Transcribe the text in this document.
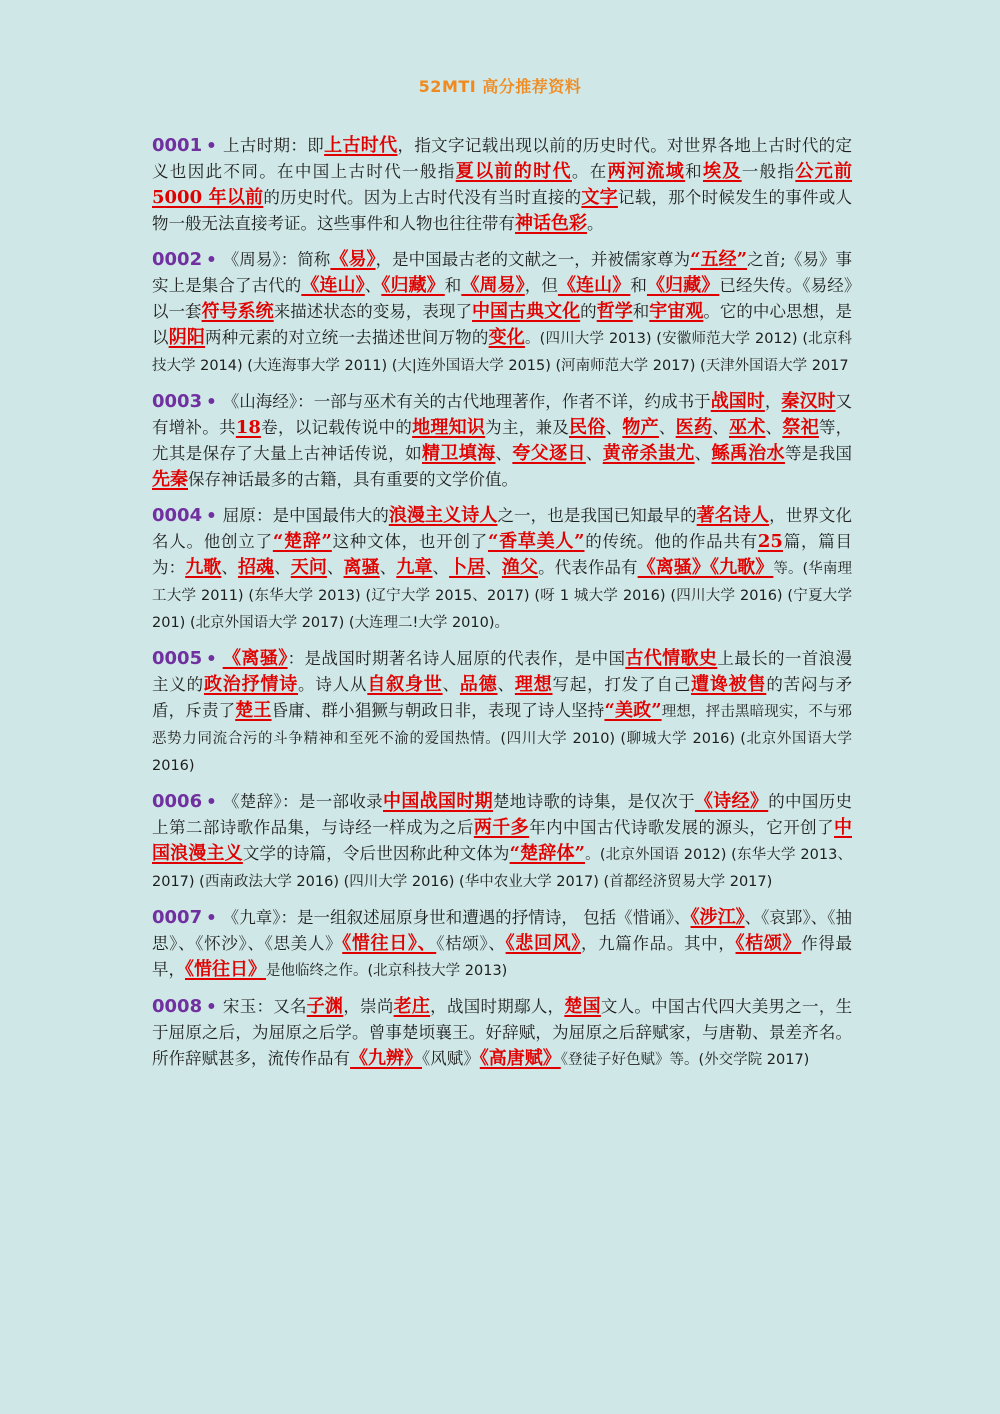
52MTI 高分推荐资料
0001 • 上古时期：即上古时代，指文字记载出现以前的历史时代。对世界各地上古时代的定义也因此不同。在中国上古时代一般指夏以前的时代。在两河流域和埃及一般指公元前 5000 年以前的历史时代。因为上古时代没有当时直接的文字记载，那个时候发生的事件或人物一般无法直接考证。这些事件和人物也往往带有神话色彩。
0002 • 《周易》：简称《易》，是中国最古老的文献之一，并被儒家尊为“五经”之首;《易》事实上是集合了古代的《连山》、《归藏》和《周易》，但《连山》和《归藏》已经失传。《易经》以一套符号系统来描述状态的变易，表现了中国古典文化的哲学和宇宙观。它的中心思想，是以阴阳两种元素的对立统一去描述世间万物的变化。(四川大学 2013) (安徽师范大学 2012) (北京科技大学 2014) (大连海事大学 2011) (大|连外国语大学 2015) (河南师范大学 2017) (天津外国语大学 2017
0003 • 《山海经》：一部与巫术有关的古代地理著作，作者不详，约成书于战国时，秦汉时又有增补。共18卷，以记载传说中的地理知识为主，兼及民俗、物产、医药、巫术、祭祀等，尤其是保存了大量上古神话传说，如精卫填海、夸父逐日、黄帝杀蚩尤、鲧禹治水等是我国先秦保存神话最多的古籍，具有重要的文学价值。
0004 • 屈原：是中国最伟大的浪漫主义诗人之一，也是我国已知最早的著名诗人，世界文化名人。他创立了“楚辞”这种文体，也开创了“香草美人”的传统。他的作品共有25篇，篇目为：九歌、招魂、天问、离骚、九章、卜居、渔父。代表作品有《离骚》《九歌》等。(华南理工大学 2011) (东华大学 2013) (辽宁大学 2015、2017) (呀 1 城大学 2016) (四川大学 2016) (宁夏大学 201) (北京外国语大学 2017) (大连理二!大学 2010)。
0005 • 《离骚》：是战国时期著名诗人屈原的代表作，是中国古代情歌史上最长的一首浪漫主义的政治抒情诗。诗人从自叙身世、品德、理想写起，打发了自己遭谗被售的苦闷与矛盾，斥责了楚王昏庸、群小猖獗与朝政日非，表现了诗人坚持“美政”理想，抨击黑暗现实，不与邪恶势力同流合污的斗争精神和至死不渝的爱国热情。(四川大学 2010) (聊城大学 2016) (北京外国语大学 2016)
0006 • 《楚辞》：是一部收录中国战国时期楚地诗歌的诗集，是仅次于《诗经》的中国历史上第二部诗歌作品集，与诗经一样成为之后两千多年内中国古代诗歌发展的源头，它开创了中国浪漫主义文学的诗篇，令后世因称此种文体为“楚辞体”。(北京外国语 2012) (东华大学 2013、2017) (西南政法大学 2016) (四川大学 2016) (华中农业大学 2017) (首都经济贸易大学 2017)
0007 • 《九章》：是一组叙述屈原身世和遭遇的抒情诗， 包括《惜诵》、《涉江》、《哀郢》、《抽思》、《怀沙》、《思美人》《惜往日》、《桔颂》、《悲回风》，九篇作品。其中，《桔颂》作得最早，《惜往日》是他临终之作。(北京科技大学 2013)
0008 • 宋玉：又名子渊，崇尚老庄，战国时期鄢人，楚国文人。中国古代四大美男之一，生于屈原之后，为屈原之后学。曾事楚顷襄王。好辞赋，为屈原之后辞赋家，与唐勒、景差齐名。所作辞赋甚多，流传作品有《九辨》《风赋》《高唐赋》《登徒子好色赋》等。(外交学院 2017)
